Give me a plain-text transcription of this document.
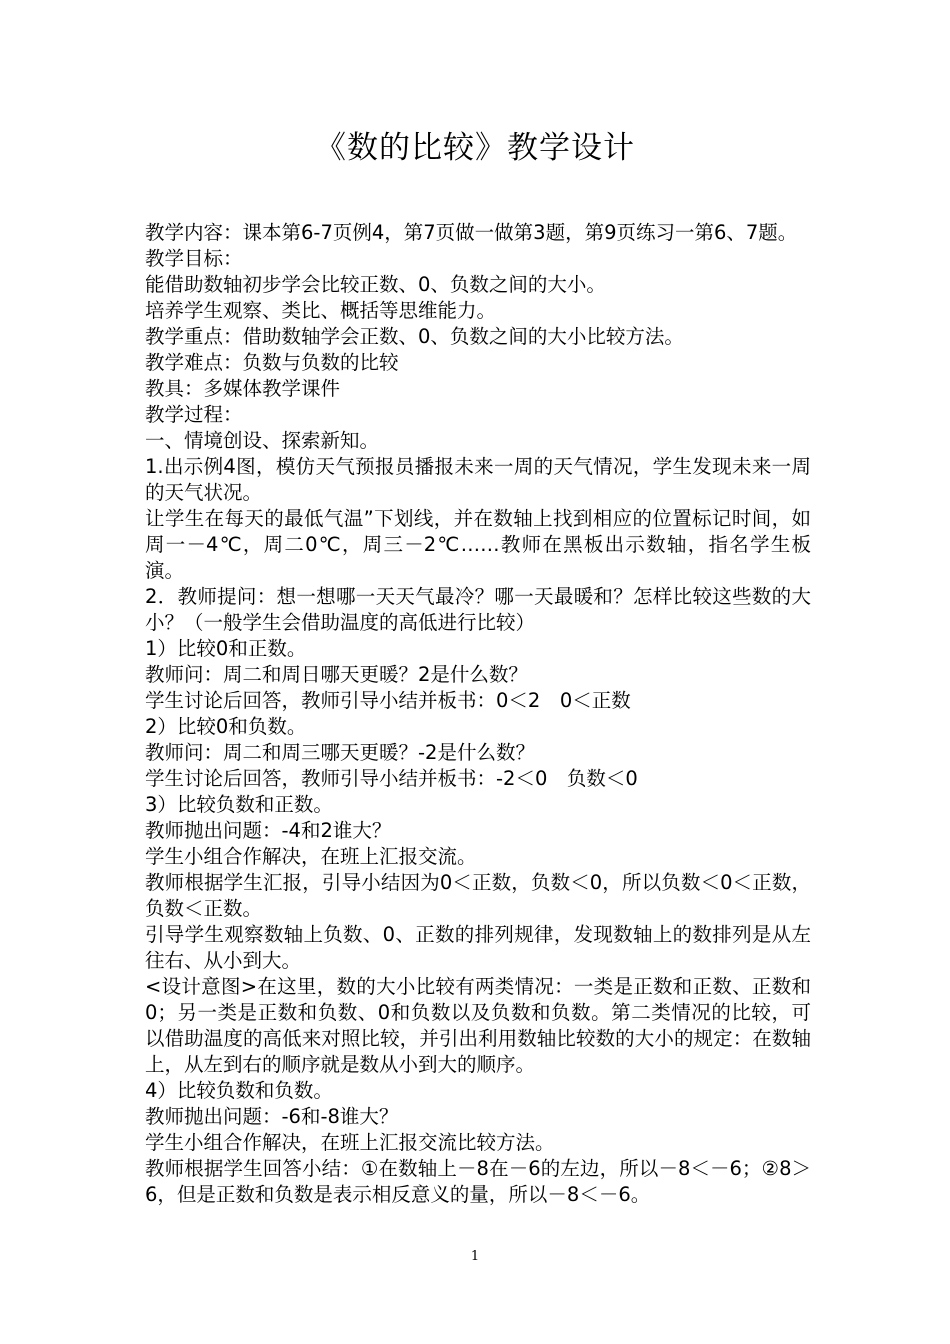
《数的比较》教学设计

教学内容：课本第6-7页例4，第7页做一做第3题，第9页练习一第6、7题。

教学目标：

能借助数轴初步学会比较正数、0、负数之间的大小。

培养学生观察、类比、概括等思维能力。

教学重点：借助数轴学会正数、0、负数之间的大小比较方法。

教学难点：负数与负数的比较

教具：多媒体教学课件

教学过程：

一、情境创设、探索新知。

1.出示例4图，模仿天气预报员播报未来一周的天气情况，学生发现未来一周的天气状况。

让学生在每天的最低气温”下划线，并在数轴上找到相应的位置标记时间，如周一－4℃，周二0℃，周三－2℃……教师在黑板出示数轴，指名学生板演。

2．教师提问：想一想哪一天天气最冷？哪一天最暖和？怎样比较这些数的大小？（一般学生会借助温度的高低进行比较）

1）比较0和正数。

教师问：周二和周日哪天更暖？2是什么数？

学生讨论后回答，教师引导小结并板书：0＜2　0＜正数

2）比较0和负数。

教师问：周二和周三哪天更暖？-2是什么数？

学生讨论后回答，教师引导小结并板书：-2＜0　负数＜0

3）比较负数和正数。

教师抛出问题：-4和2谁大？

学生小组合作解决，在班上汇报交流。

教师根据学生汇报，引导小结因为0＜正数，负数＜0，所以负数＜0＜正数，负数＜正数。

引导学生观察数轴上负数、0、正数的排列规律，发现数轴上的数排列是从左往右、从小到大。

<设计意图>在这里，数的大小比较有两类情况：一类是正数和正数、正数和0；另一类是正数和负数、0和负数以及负数和负数。第二类情况的比较，可以借助温度的高低来对照比较，并引出利用数轴比较数的大小的规定：在数轴上，从左到右的顺序就是数从小到大的顺序。

4）比较负数和负数。

教师抛出问题：-6和-8谁大？

学生小组合作解决，在班上汇报交流比较方法。

教师根据学生回答小结：①在数轴上－8在－6的左边，所以－8＜－6；②8＞6，但是正数和负数是表示相反意义的量，所以－8＜－6。

1
